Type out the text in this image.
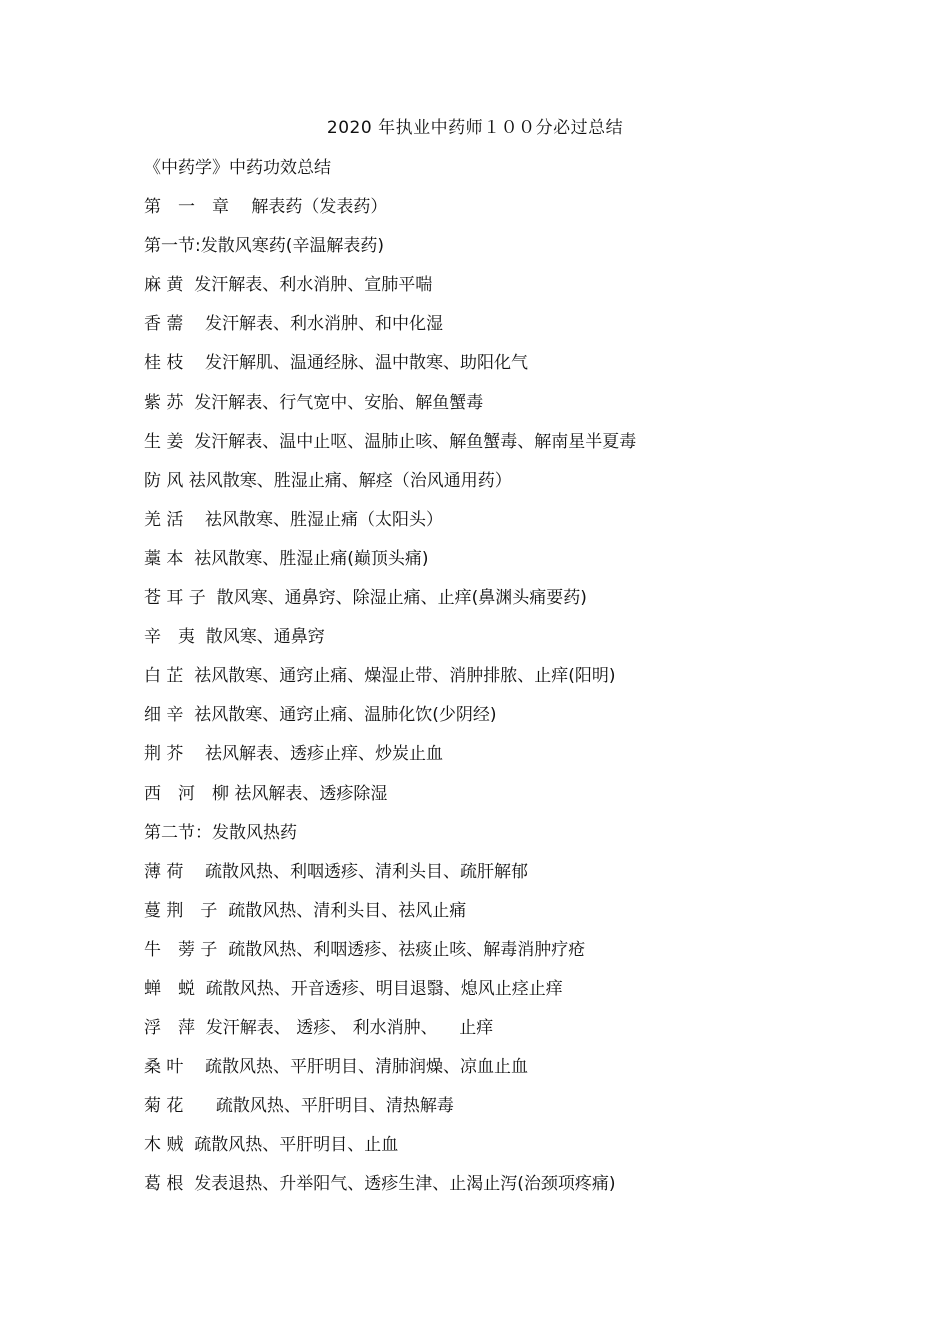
2020 年执业中药师１００分必过总结
《中药学》中药功效总结
第　一　章　 解表药（发表药）
第一节:发散风寒药(辛温解表药)
麻 黄  发汗解表、利水消肿、宣肺平喘
香 薷    发汗解表、利水消肿、和中化湿
桂 枝    发汗解肌、温通经脉、温中散寒、助阳化气
紫 苏  发汗解表、行气宽中、安胎、解鱼蟹毒
生 姜  发汗解表、温中止呕、温肺止咳、解鱼蟹毒、解南星半夏毒
防 风 祛风散寒、胜湿止痛、解痉（治风通用药）
羌 活    祛风散寒、胜湿止痛（太阳头）
藁 本  祛风散寒、胜湿止痛(巅顶头痛)
苍 耳 子  散风寒、通鼻窍、除湿止痛、止痒(鼻渊头痛要药)
辛　夷  散风寒、通鼻窍
白 芷  祛风散寒、通窍止痛、燥湿止带、消肿排脓、止痒(阳明)
细 辛  祛风散寒、通窍止痛、温肺化饮(少阴经)
荆 芥    祛风解表、透疹止痒、炒炭止血
西　河　柳 祛风解表、透疹除湿
第二节：发散风热药
薄 荷    疏散风热、利咽透疹、清利头目、疏肝解郁
蔓 荆　子  疏散风热、清利头目、祛风止痛
牛　蒡 子  疏散风热、利咽透疹、祛痰止咳、解毒消肿疗疮
蝉　蜕  疏散风热、开音透疹、明目退翳、熄风止痉止痒
浮　萍  发汗解表、 透疹、 利水消肿、    止痒
桑 叶    疏散风热、平肝明目、清肺润燥、凉血止血
菊 花      疏散风热、平肝明目、清热解毒
木 贼  疏散风热、平肝明目、止血
葛 根  发表退热、升举阳气、透疹生津、止渴止泻(治颈项疼痛)
